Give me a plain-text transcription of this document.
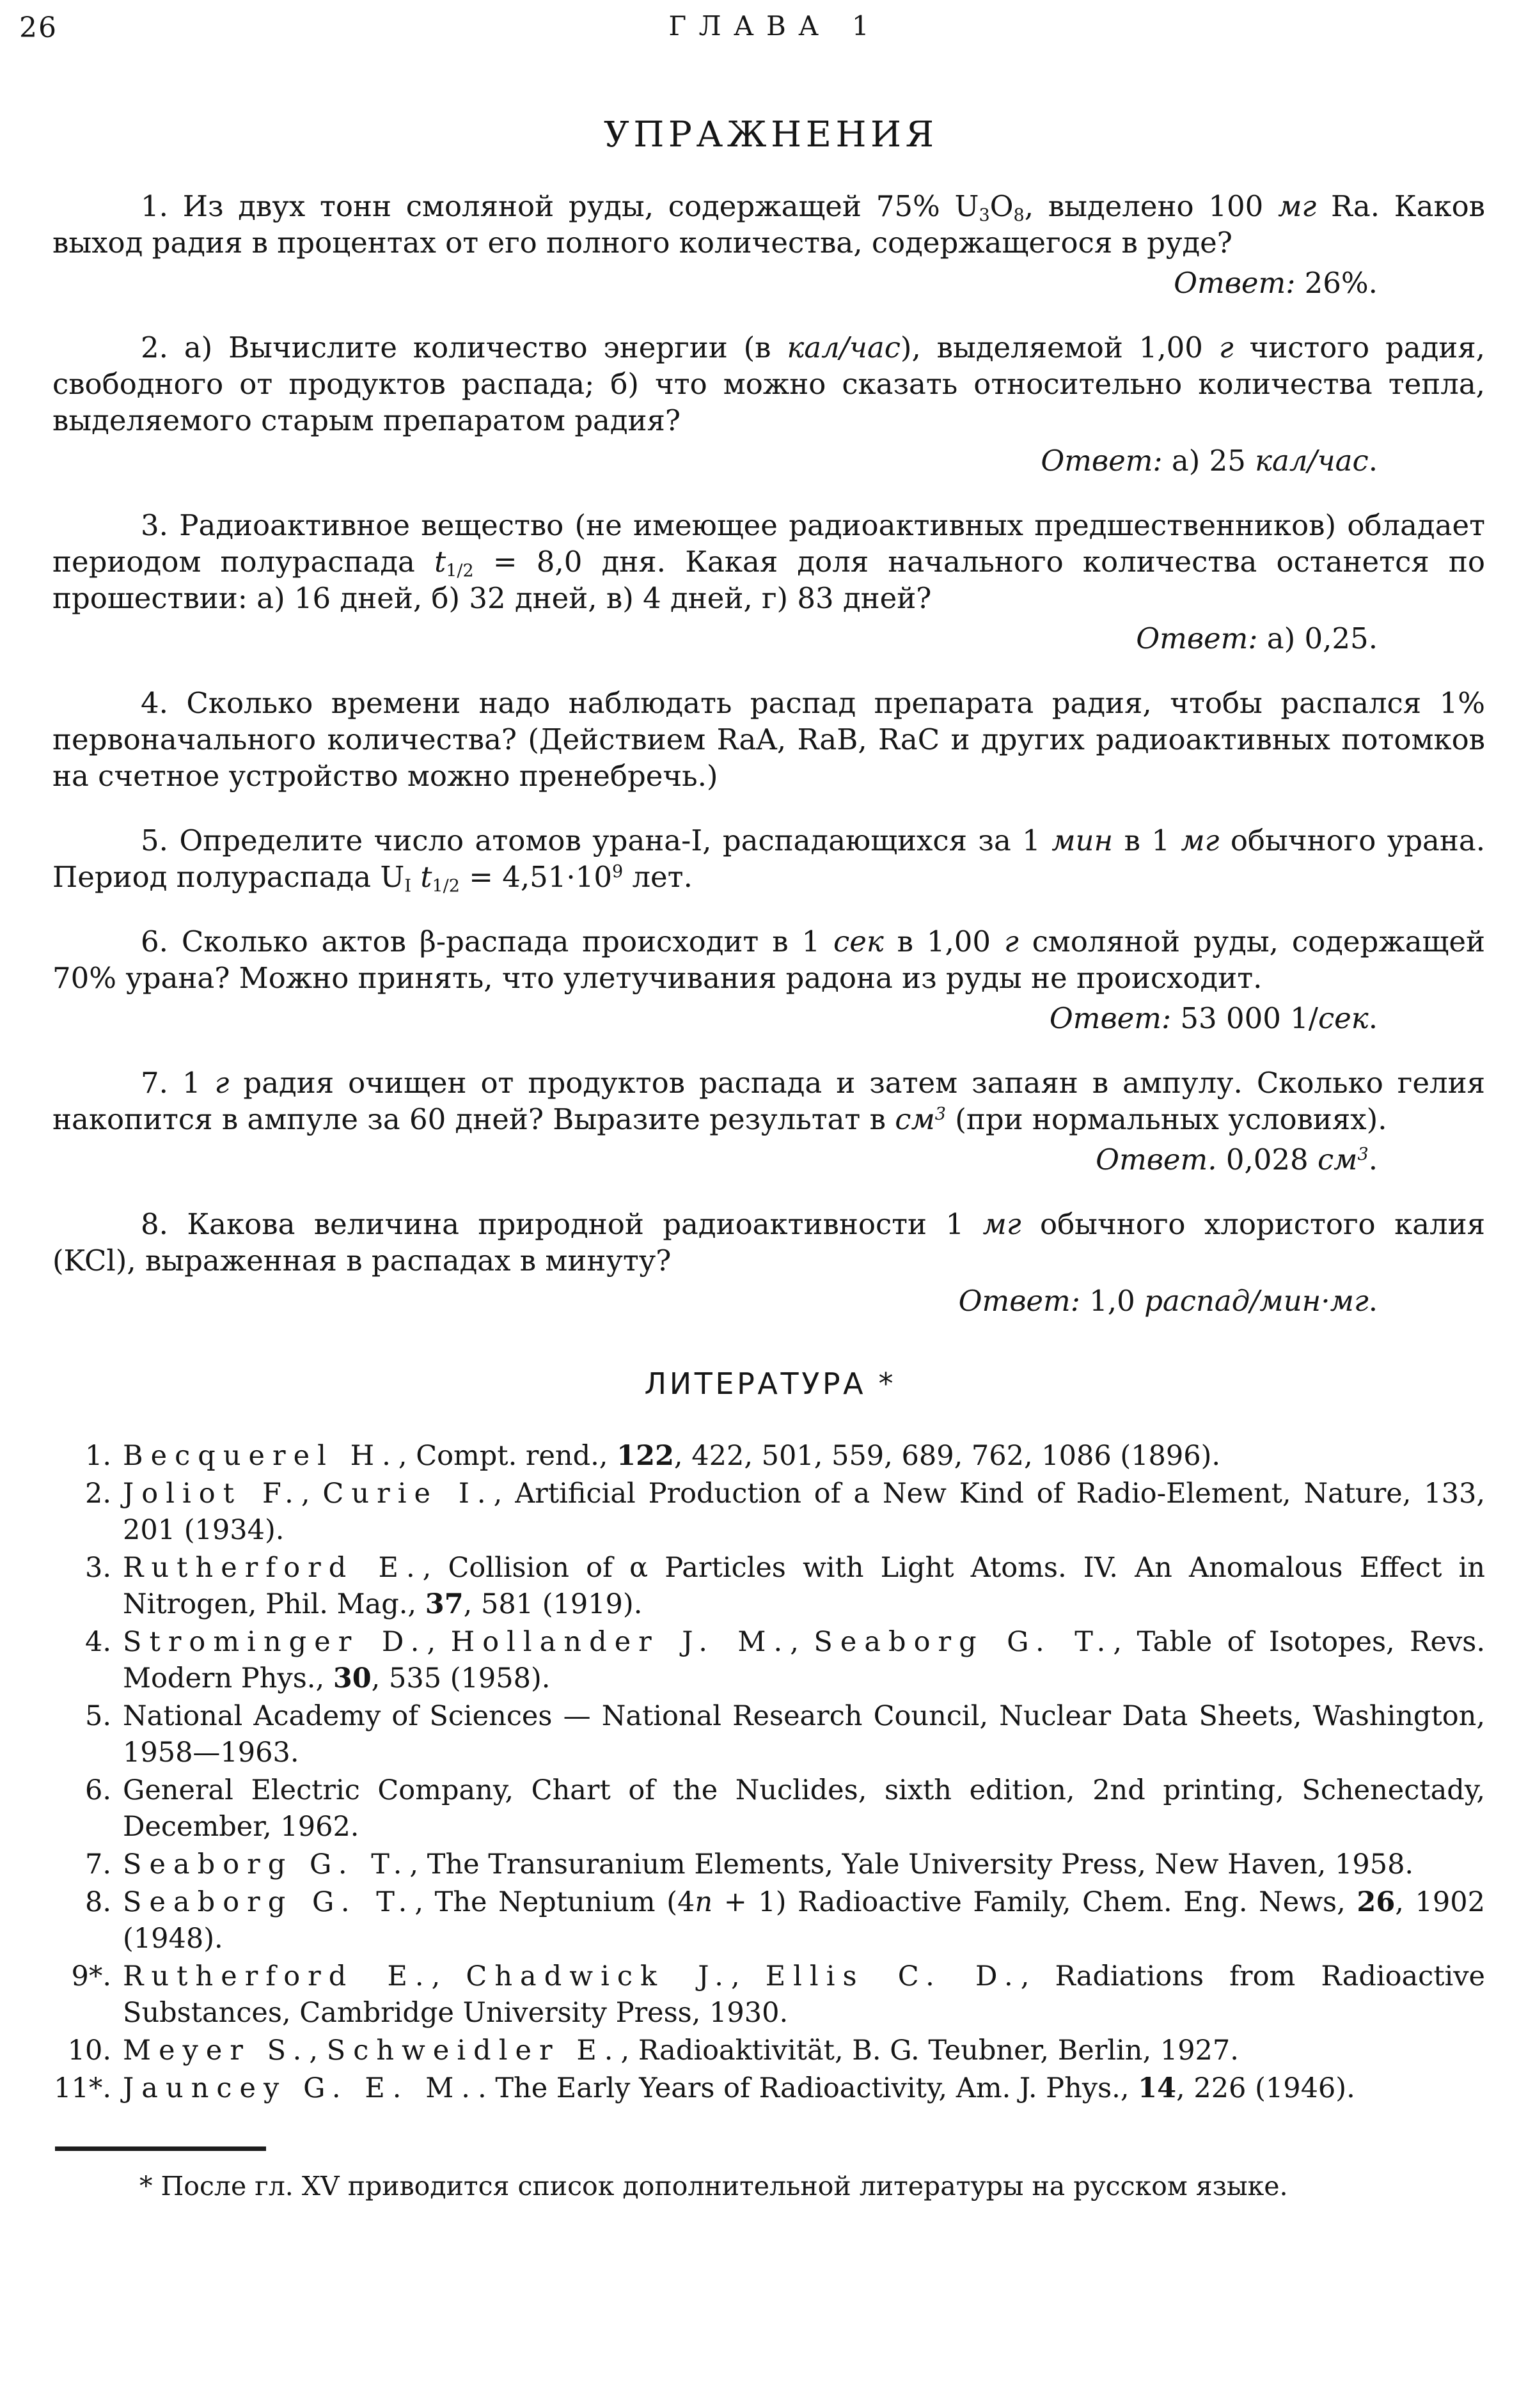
26	ГЛАВА 1
УПРАЖНЕНИЯ

1. Из двух тонн смоляной руды, содержащей 75% $U_3O_8$, выделено 100 мг Ra. Каков выход радия в процентах от его полного количества, содержащегося в руде?

Ответ: 26%.

2. а) Вычислите количество энергии (в кал/час), выделяемой 1,00 г чистого радия, свободного от продуктов распада; б) что можно сказать относительно количества тепла, выделяемого старым препаратом радия?

Ответ: а) 25 кал/час.

3. Радиоактивное вещество (не имеющее радиоактивных предшественников) обладает периодом полураспада $t_{1/2} = 8,0$ дня. Какая доля начального количества останется по прошествии: а) 16 дней, б) 32 дней, в) 4 дней, г) 83 дней?

Ответ: а) 0,25.

4. Сколько времени надо наблюдать распад препарата радия, чтобы распался 1% первоначального количества? (Действием RaA, RaB, RaC и других радиоактивных потомков на счетное устройство можно пренебречь.)

5. Определите число атомов урана-I, распадающихся за 1 мин в 1 мг обычного урана. Период полураспада $U_I$ $t_{1/2} = 4,51\cdot 10^9$ лет.

6. Сколько актов β-распада происходит в 1 сек в 1,00 г смоляной руды, содержащей 70% урана? Можно принять, что улетучивания радона из руды не происходит.

Ответ: 53 000 1/сек.

7. 1 г радия очищен от продуктов распада и затем запаян в ампулу. Сколько гелия накопится в ампуле за 60 дней? Выразите результат в $см^3$ (при нормальных условиях).

Ответ. 0,028 $см^3$.

8. Какова величина природной радиоактивности 1 мг обычного хлористого калия (KCl), выраженная в распадах в минуту?

Ответ: 1,0 распад/мин·мг.
ЛИТЕРАТУРА *
1. Becquerel H., Compt. rend., 122, 422, 501, 559, 689, 762, 1086 (1896).
2. Joliot F., Curie I., Artificial Production of a New Kind of Radio-Element, Nature, 133, 201 (1934).
3. Rutherford E., Collision of α Particles with Light Atoms. IV. An Anomalous Effect in Nitrogen, Phil. Mag., 37, 581 (1919).
4. Strominger D., Hollander J. M., Seaborg G. T., Table of Isotopes, Revs. Modern Phys., 30, 535 (1958).
5. National Academy of Sciences — National Research Council, Nuclear Data Sheets, Washington, 1958—1963.
6. General Electric Company, Chart of the Nuclides, sixth edition, 2nd printing, Schenectady, December, 1962.
7. Seaborg G. T., The Transuranium Elements, Yale University Press, New Haven, 1958.
8. Seaborg G. T., The Neptunium (4n + 1) Radioactive Family, Chem. Eng. News, 26, 1902 (1948).
9*. Rutherford E., Chadwick J., Ellis C. D., Radiations from Radioactive Substances, Cambridge University Press, 1930.
10. Meyer S., Schweidler E., Radioaktivität, B. G. Teubner, Berlin, 1927.
11*. Jauncey G. E. M.. The Early Years of Radioactivity, Am. J. Phys., 14, 226 (1946).

* После гл. XV приводится список дополнительной литературы на русском языке.
